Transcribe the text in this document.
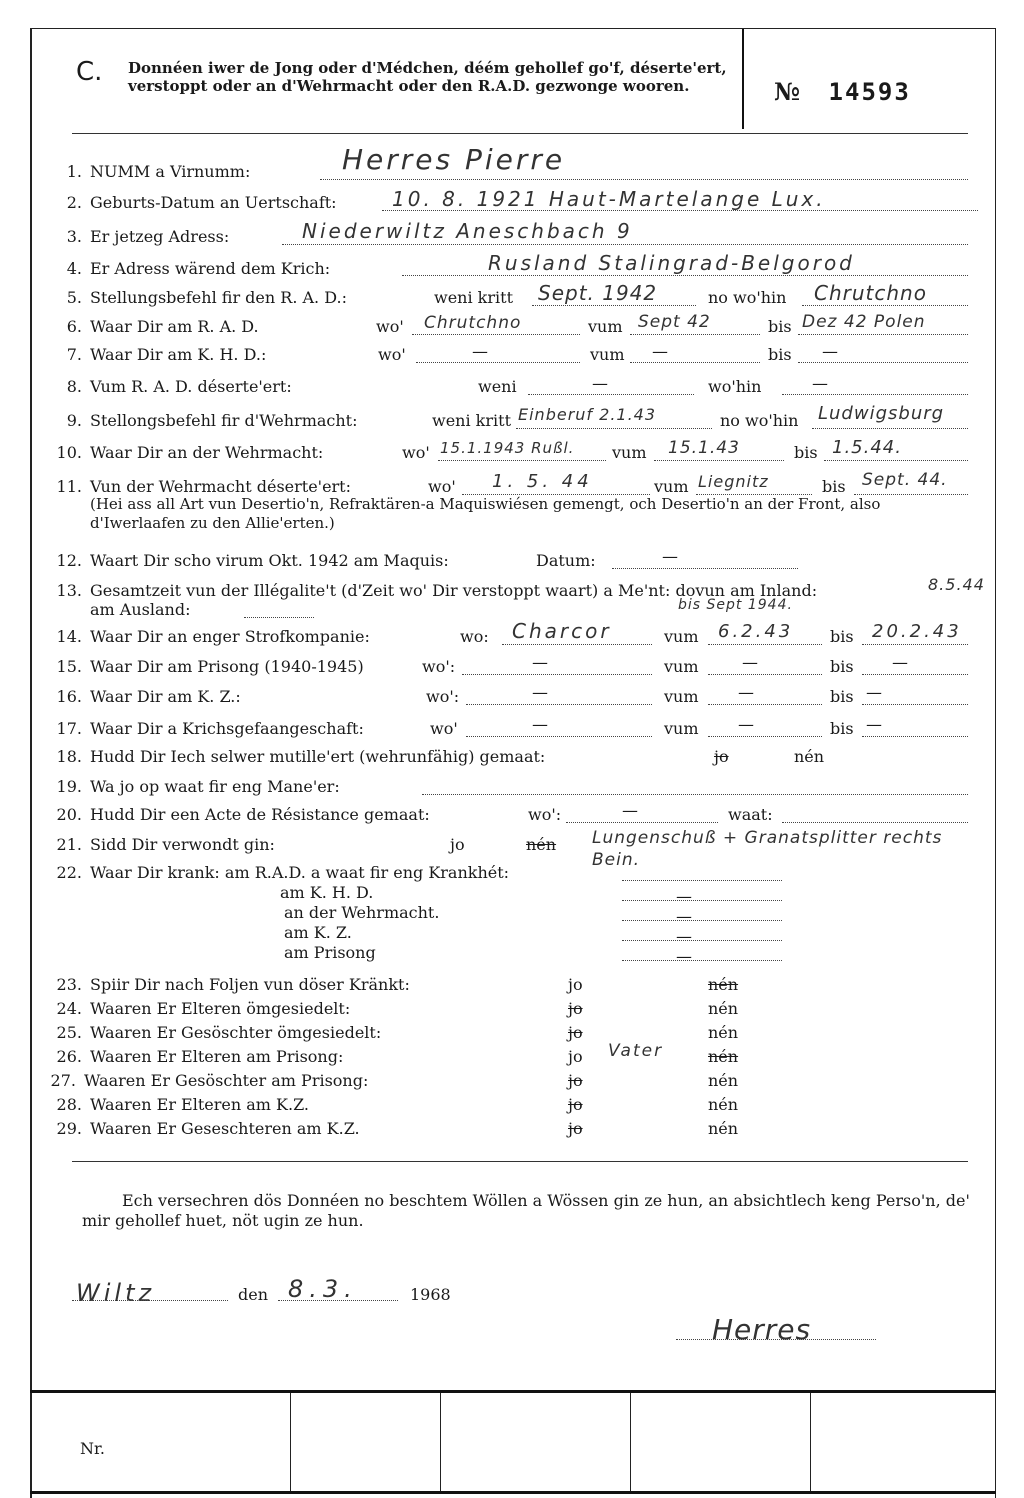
C. Donnéen iwer de Jong oder d'Médchen, déém gehollef go'f, déserte'ert, verstoppt oder an d'Wehrmacht oder den R.A.D. gezwonge wooren.	№ 14593
1. NUMM a Virnumm:	Herres Pierre
2. Geburts-Datum an Uertschaft:	10. 8. 1921 Haut-Martelange Lux.
3. Er jetzeg Adress:	Niederwiltz Aneschbach 9
4. Er Adress wärend dem Krich:	Rusland Stalingrad-Belgorod
5. Stellungsbefehl fir den R. A. D.:	weni kritt Sept. 1942	no wo'hin Chrutchno
6. Waar Dir am R. A. D.	wo' Chrutchno	vum Sept 42	bis Dez 42 Polen
7. Waar Dir am K. H. D.:	wo'	—	vum —	bis —
8. Vum R. A. D. déserte'ert:	weni	—	wo'hin	—
9. Stellongsbefehl fir d'Wehrmacht:	weni kritt Einberuf 2.1.43	no wo'hin Ludwigsburg
10. Waar Dir an der Wehrmacht:	wo' 15.1.1943 Rußl. vum 15.1.43	bis 1.5.44.
11. Vun der Wehrmacht déserte'ert:	wo' 1. 5. 44	vum Liegnitz	bis Sept. 44.
(Hei ass all Art vun Desertio'n, Refraktären-a Maquiswiésen gemengt, och Desertio'n an der Front, also d'Iwerlaafen zu den Allie'erten.)
12. Waart Dir scho virum Okt. 1942 am Maquis:	Datum:	—
13. Gesamtzeit vun der Illégalite't (d'Zeit wo' Dir verstoppt waart) a Me'nt: dovun am Inland:	8.5.44
am Ausland:	bis Sept 1944.
14. Waar Dir an enger Strofkompanie:	wo: Charcor	vum 6.2.43 bis 20.2.43
15. Waar Dir am Prisong (1940-1945)	wo':	—	vum	—	bis —
16. Waar Dir am K. Z.:	wo':	—	vum —	bis —
17. Waar Dir a Krichsgefaangeschaft:	wo'	—	vum —	bis —
18. Hudd Dir Iech selwer mutille'ert (wehrunfähig) gemaat:	jo	nén
19. Wa jo op waat fir eng Mane'er:
20. Hudd Dir een Acte de Résistance gemaat:	wo':	—	waat:
21. Sidd Dir verwondt gin:	jo	nén Lungenschuß + Granatsplitter rechts Bein.
22. Waar Dir krank: am R.A.D. a waat fir eng Krankhét:
am K. H. D.	—
an der Wehrmacht.	—
am K. Z.	—
am Prisong	—
23. Spiir Dir nach Foljen vun döser Kränkt:	jo	nén
24. Waaren Er Elteren ömgesiedelt:	jo	nén
25. Waaren Er Gesöschter ömgesiedelt:	jo	nén
26. Waaren Er Elteren am Prisong:	jo Vater	nén
27. Waaren Er Gesöschter am Prisong:	jo	nén
28. Waaren Er Elteren am K.Z.	jo	nén
29. Waaren Er Geseschteren am K.Z.	jo	nén
Ech versechren dös Donnéen no beschtem Wöllen a Wössen gin ze hun, an absichtlech keng Perso'n, de' mir gehollef huet, nöt ugin ze hun.
Wiltz	den 8.3.	1968
Herres
Nr.
